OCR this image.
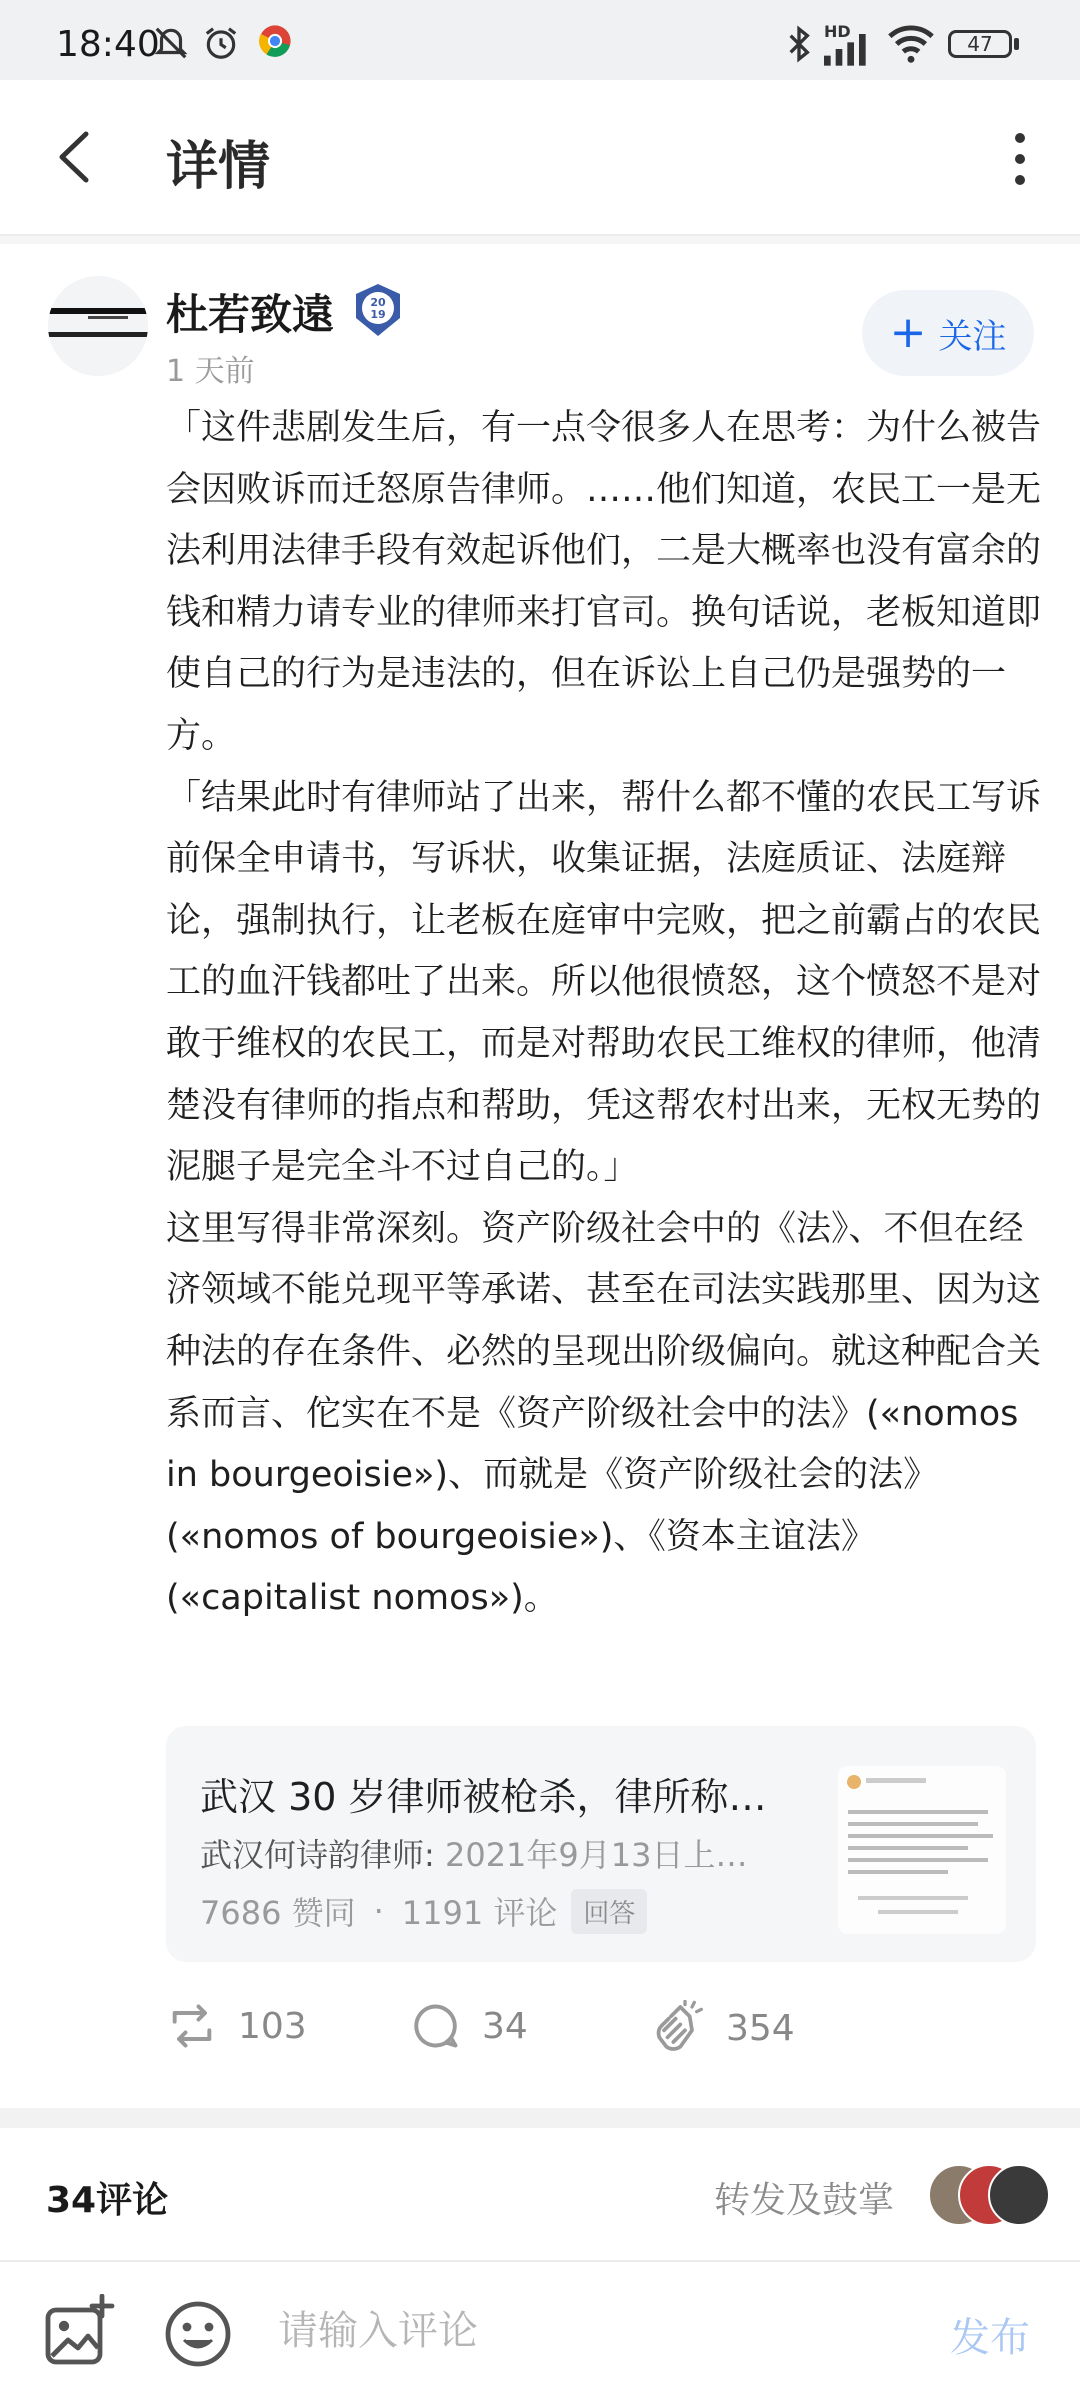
18:40	HD
47
详情
杜若致遠	20
19
1 天前
+ 关注

「这件悲剧发生后，有一点令很多人在思考：为什么被告会因败诉而迁怒原告律师。……他们知道，农民工一是无法利用法律手段有效起诉他们，二是大概率也没有富余的钱和精力请专业的律师来打官司。换句话说，老板知道即使自己的行为是违法的，但在诉讼上自己仍是强势的一方。

「结果此时有律师站了出来，帮什么都不懂的农民工写诉前保全申请书，写诉状，收集证据，法庭质证、法庭辩论，强制执行，让老板在庭审中完败，把之前霸占的农民工的血汗钱都吐了出来。所以他很愤怒，这个愤怒不是对敢于维权的农民工，而是对帮助农民工维权的律师，他清楚没有律师的指点和帮助，凭这帮农村出来，无权无势的泥腿子是完全斗不过自己的。」

这里写得非常深刻。资产阶级社会中的《法》、不但在经济领域不能兑现平等承诺、甚至在司法实践那里、因为这种法的存在条件、必然的呈现出阶级偏向。就这种配合关系而言、佗实在不是《资产阶级社会中的法》(«nomos in bourgeoisie»)、而就是《资产阶级社会的法》(«nomos of bourgeoisie»)、《资本主谊法》(«capitalist nomos»)。

武汉 30 岁律师被枪杀，律所称…
武汉何诗韵律师: 2021年9月13日上…
7686 赞同 · 1191 评论	回答
103	34	354
34评论	转发及鼓掌
请输入评论
发布
